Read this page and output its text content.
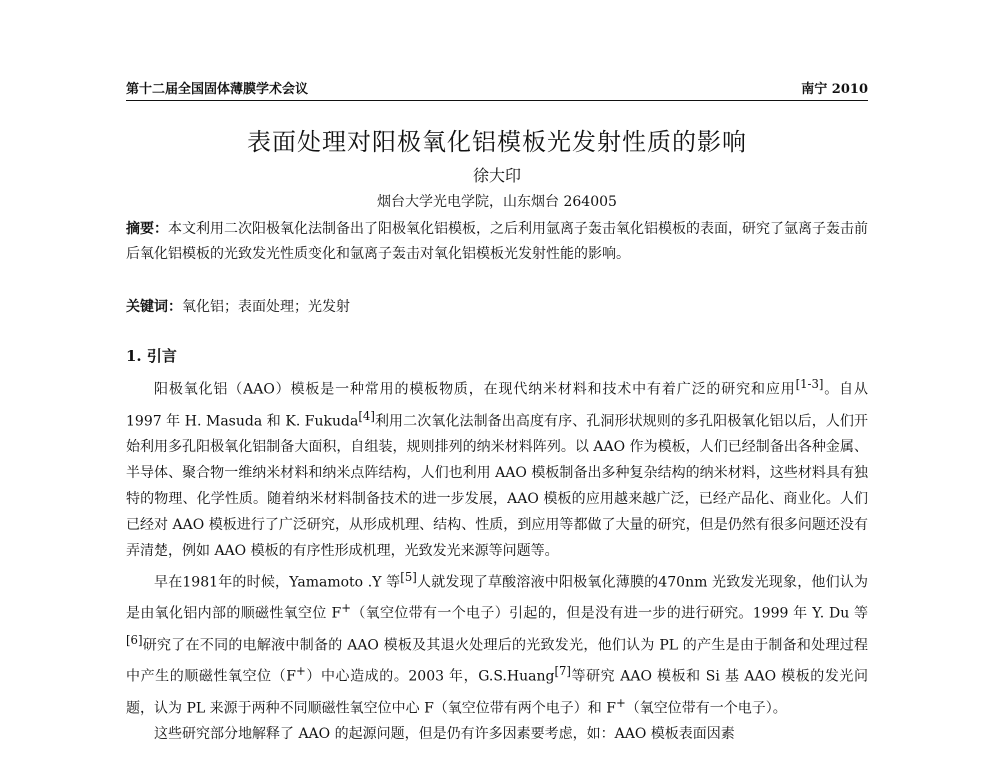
第十二届全国固体薄膜学术会议	南宁 2010
表面处理对阳极氧化铝模板光发射性质的影响
徐大印
烟台大学光电学院，山东烟台 264005

摘要：本文利用二次阳极氧化法制备出了阳极氧化铝模板，之后利用氩离子轰击氧化铝模板的表面，研究了氩离子轰击前后氧化铝模板的光致发光性质变化和氩离子轰击对氧化铝模板光发射性能的影响。

关键词：氧化铝；表面处理；光发射

1. 引言

阳极氧化铝（AAO）模板是一种常用的模板物质，在现代纳米材料和技术中有着广泛的研究和应用[1-3]。自从 1997 年 H. Masuda 和 K. Fukuda[4]利用二次氧化法制备出高度有序、孔洞形状规则的多孔阳极氧化铝以后，人们开始利用多孔阳极氧化铝制备大面积，自组装，规则排列的纳米材料阵列。以 AAO 作为模板，人们已经制备出各种金属、半导体、聚合物一维纳米材料和纳米点阵结构，人们也利用 AAO 模板制备出多种复杂结构的纳米材料，这些材料具有独特的物理、化学性质。随着纳米材料制备技术的进一步发展，AAO 模板的应用越来越广泛，已经产品化、商业化。人们已经对 AAO 模板进行了广泛研究，从形成机理、结构、性质，到应用等都做了大量的研究，但是仍然有很多问题还没有弄清楚，例如 AAO 模板的有序性形成机理，光致发光来源等问题等。

早在1981年的时候，Yamamoto .Y 等[5]人就发现了草酸溶液中阳极氧化薄膜的470nm 光致发光现象，他们认为是由氧化铝内部的顺磁性氧空位 F+（氧空位带有一个电子）引起的，但是没有进一步的进行研究。1999 年 Y. Du 等[6]研究了在不同的电解液中制备的 AAO 模板及其退火处理后的光致发光，他们认为 PL 的产生是由于制备和处理过程中产生的顺磁性氧空位（F+）中心造成的。2003 年，G.S.Huang[7]等研究 AAO 模板和 Si 基 AAO 模板的发光问题，认为 PL 来源于两种不同顺磁性氧空位中心 F（氧空位带有两个电子）和 F+（氧空位带有一个电子）。

这些研究部分地解释了 AAO 的起源问题，但是仍有许多因素要考虑，如：AAO 模板表面因素
